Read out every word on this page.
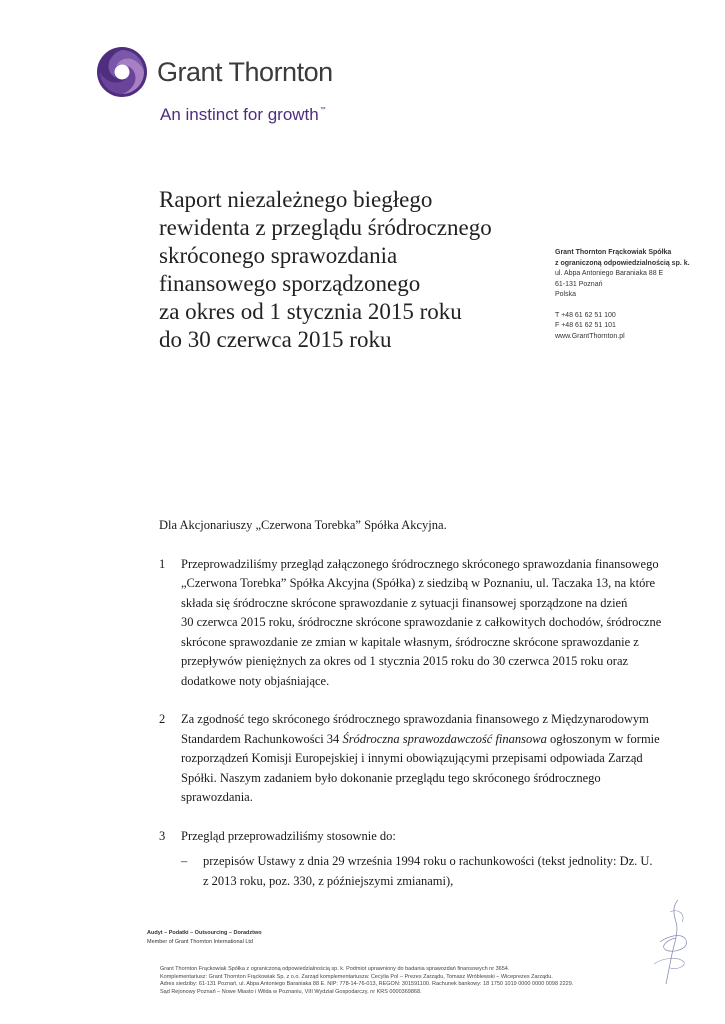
Grant Thornton
An instinct for growth™
Raport niezależnego biegłego
rewidenta z przeglądu śródrocznego
skróconego sprawozdania
finansowego sporządzonego
za okres od 1 stycznia 2015 roku
do 30 czerwca 2015 roku
Grant Thornton Frąckowiak Spółka
z ograniczoną odpowiedzialnością sp. k.
ul. Abpa Antoniego Baraniaka 88 E
61-131 Poznań
Polska
T +48 61 62 51 100
F +48 61 62 51 101
www.GrantThornton.pl
Dla Akcjonariuszy „Czerwona Torebka” Spółka Akcyjna.
1 Przeprowadziliśmy przegląd załączonego śródrocznego skróconego sprawozdania finansowego
„Czerwona Torebka” Spółka Akcyjna (Spółka) z siedzibą w Poznaniu, ul. Taczaka 13, na które
składa się śródroczne skrócone sprawozdanie z sytuacji finansowej sporządzone na dzień
30 czerwca 2015 roku, śródroczne skrócone sprawozdanie z całkowitych dochodów, śródroczne
skrócone sprawozdanie ze zmian w kapitale własnym, śródroczne skrócone sprawozdanie z
przepływów pieniężnych za okres od 1 stycznia 2015 roku do 30 czerwca 2015 roku oraz
dodatkowe noty objaśniające.
2 Za zgodność tego skróconego śródrocznego sprawozdania finansowego z Międzynarodowym
Standardem Rachunkowości 34 Śródroczna sprawozdawczość finansowa ogłoszonym w formie
rozporządzeń Komisji Europejskiej i innymi obowiązującymi przepisami odpowiada Zarząd
Spółki. Naszym zadaniem było dokonanie przeglądu tego skróconego śródrocznego
sprawozdania.
3 Przegląd przeprowadziliśmy stosownie do:
– przepisów Ustawy z dnia 29 września 1994 roku o rachunkowości (tekst jednolity: Dz. U.
z 2013 roku, poz. 330, z późniejszymi zmianami),
Audyt – Podatki – Outsourcing – Doradztwo
Member of Grant Thornton International Ltd
Grant Thornton Frąckowiak Spółka z ograniczoną odpowiedzialnością sp. k. Podmiot uprawniony do badania sprawozdań finansowych nr 3654.
Komplementariusz: Grant Thornton Frąckowiak Sp. z o.o. Zarząd komplementariusza: Cecylia Pol – Prezes Zarządu, Tomasz Wróblewski – Wiceprezes Zarządu.
Adres siedziby: 61-131 Poznań, ul. Abpa Antoniego Baraniaka 88 E. NIP: 778-14-76-013, REGON: 301591100. Rachunek bankowy: 18 1750 1019 0000 0000 0098 2229.
Sąd Rejonowy Poznań – Nowe Miasto i Wilda w Poznaniu, VIII Wydział Gospodarczy, nr KRS 0000369868.
